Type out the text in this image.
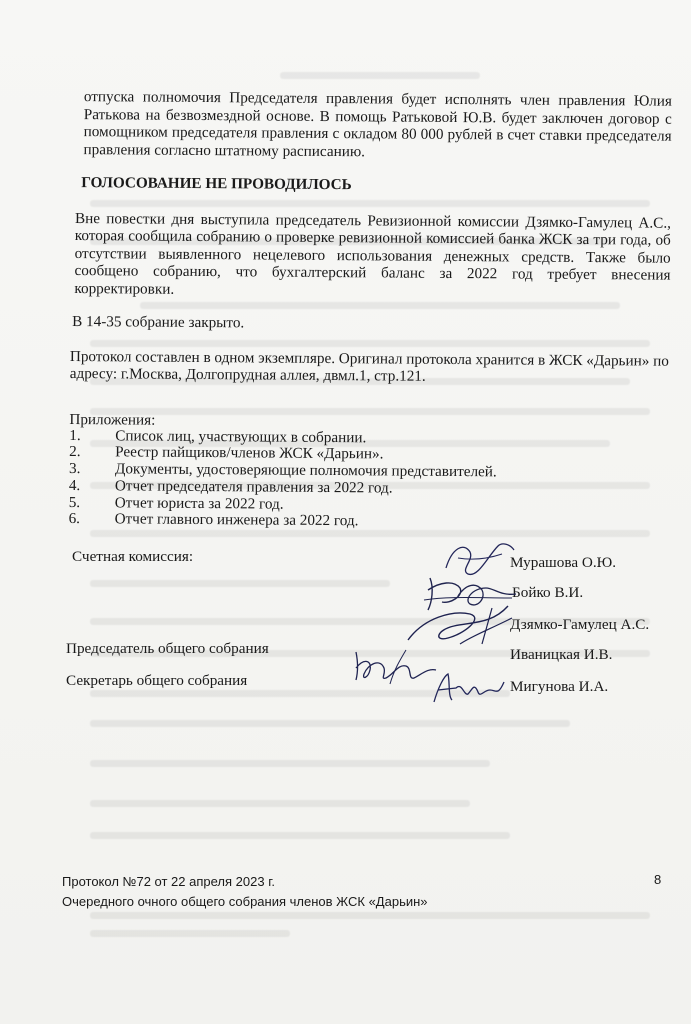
отпуска полномочия Председателя правления будет исполнять член правления Юлия Ратькова на безвозмездной основе. В помощь Ратьковой Ю.В. будет заключен договор с помощником председателя правления с окладом 80 000 рублей в счет ставки председателя правления согласно штатному расписанию.

ГОЛОСОВАНИЕ НЕ ПРОВОДИЛОСЬ

Вне повестки дня выступила председатель Ревизионной комиссии Дзямко-Гамулец А.С., которая сообщила собранию о проверке ревизионной комиссией банка ЖСК за три года, об отсутствии выявленного нецелевого использования денежных средств. Также было сообщено собранию, что бухгалтерский баланс за 2022 год требует внесения корректировки.

В 14-35 собрание закрыто.

Протокол составлен в одном экземпляре. Оригинал протокола хранится в ЖСК «Дарьин» по адресу: г.Москва, Долгопрудная аллея, двмл.1, стр.121.

Приложения:
1.	Список лиц, участвующих в собрании.
2.	Реестр пайщиков/членов ЖСК «Дарьин».
3.	Документы, удостоверяющие полномочия представителей.
4.	Отчет председателя правления за 2022 год.
5.	Отчет юриста за 2022 год.
6.	Отчет главного инженера за 2022 год.
Счетная комиссия:	Мурашова О.Ю.
Бойко В.И.
Дзямко-Гамулец А.С.
Председатель общего собрания	Иваницкая И.В.
Секретарь общего собрания	Мигунова И.А.
Протокол №72 от 22 апреля 2023 г.
Очередного очного общего собрания членов ЖСК «Дарьин»
8
